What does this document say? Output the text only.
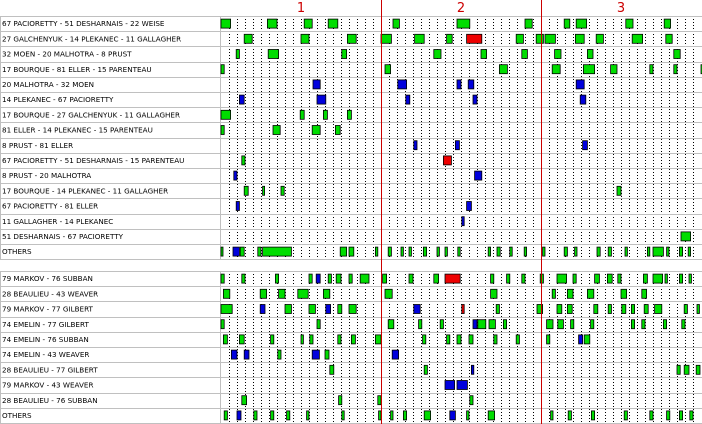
1	2	3
67 PACIORETTY - 51 DESHARNAIS - 22 WEISE
27 GALCHENYUK - 14 PLEKANEC - 11 GALLAGHER
32 MOEN - 20 MALHOTRA - 8 PRUST
17 BOURQUE - 81 ELLER - 15 PARENTEAU
20 MALHOTRA - 32 MOEN
14 PLEKANEC - 67 PACIORETTY
17 BOURQUE - 27 GALCHENYUK - 11 GALLAGHER
81 ELLER - 14 PLEKANEC - 15 PARENTEAU
8 PRUST - 81 ELLER
67 PACIORETTY - 51 DESHARNAIS - 15 PARENTEAU
8 PRUST - 20 MALHOTRA
17 BOURQUE - 14 PLEKANEC - 11 GALLAGHER
67 PACIORETTY - 81 ELLER
11 GALLAGHER - 14 PLEKANEC
51 DESHARNAIS - 67 PACIORETTY
OTHERS
79 MARKOV - 76 SUBBAN
28 BEAULIEU - 43 WEAVER
79 MARKOV - 77 GILBERT
74 EMELIN - 77 GILBERT
74 EMELIN - 76 SUBBAN
74 EMELIN - 43 WEAVER
28 BEAULIEU - 77 GILBERT
79 MARKOV - 43 WEAVER
28 BEAULIEU - 76 SUBBAN
OTHERS
